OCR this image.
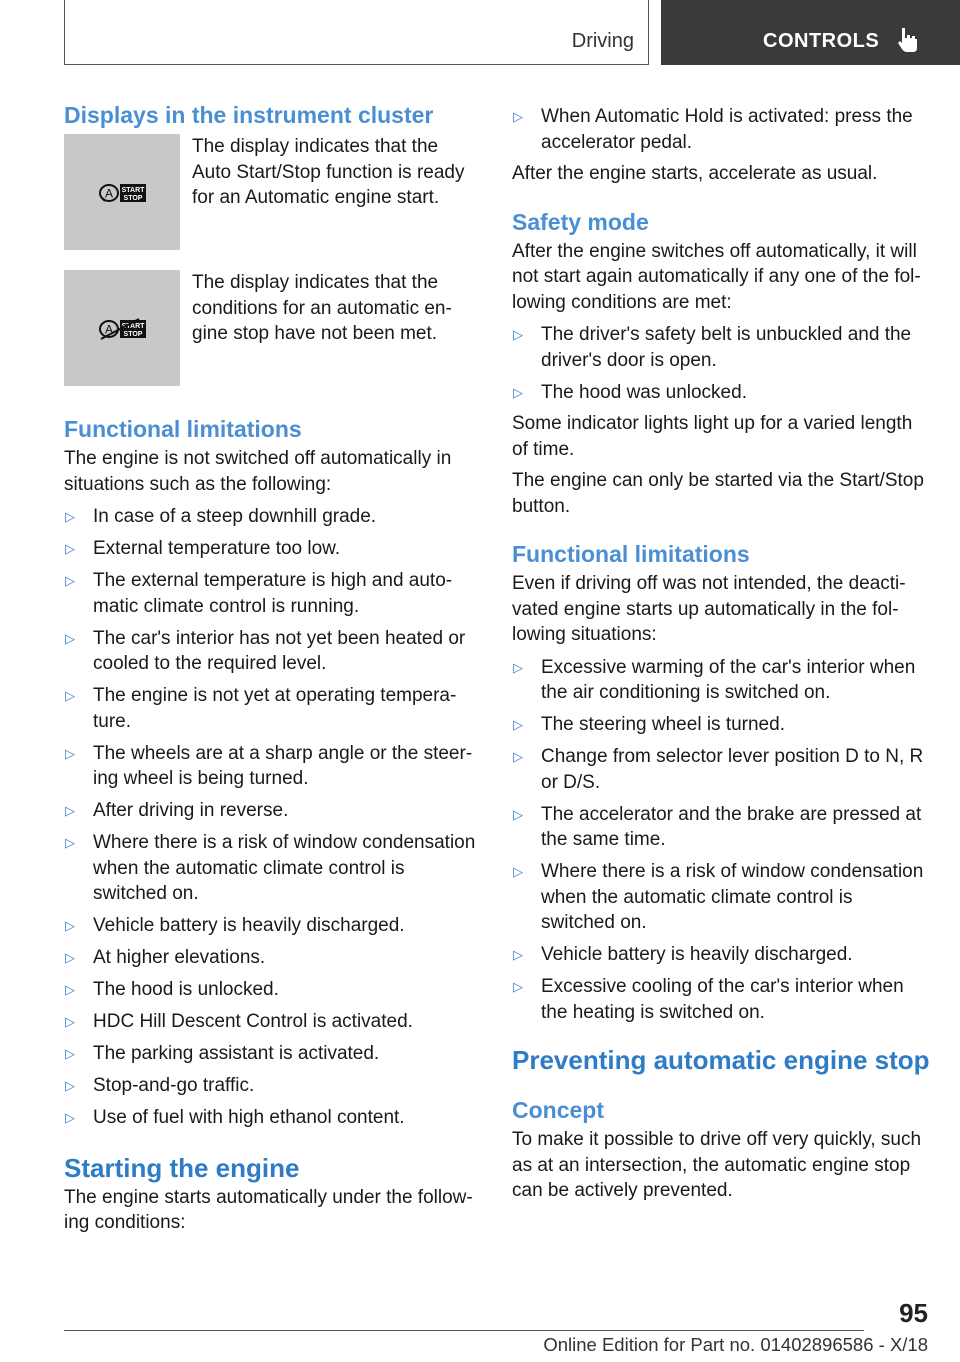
Driving	CONTROLS
Displays in the instrument cluster
A START
STOP
The display indicates that the Auto Start/Stop function is ready for an Automatic engine start.
A START
STOP
The display indicates that the conditions for an automatic engine stop have not been met.
Functional limitations

The engine is not switched off automatically in situations such as the following:

▷ In case of a steep downhill grade.
▷ External temperature too low.
▷ The external temperature is high and automatic climate control is running.
▷ The car's interior has not yet been heated or cooled to the required level.
▷ The engine is not yet at operating temperature.
▷ The wheels are at a sharp angle or the steering wheel is being turned.
▷ After driving in reverse.
▷ Where there is a risk of window condensation when the automatic climate control is switched on.
▷ Vehicle battery is heavily discharged.
▷ At higher elevations.
▷ The hood is unlocked.
▷ HDC Hill Descent Control is activated.
▷ The parking assistant is activated.
▷ Stop-and-go traffic.
▷ Use of fuel with high ethanol content.
Starting the engine

The engine starts automatically under the following conditions:

▷ When Automatic Hold is activated: press the accelerator pedal.

After the engine starts, accelerate as usual.

Safety mode

After the engine switches off automatically, it will not start again automatically if any one of the following conditions are met:

▷ The driver's safety belt is unbuckled and the driver's door is open.
▷ The hood was unlocked.

Some indicator lights light up for a varied length of time.

The engine can only be started via the Start/Stop button.

Functional limitations

Even if driving off was not intended, the deactivated engine starts up automatically in the following situations:

▷ Excessive warming of the car's interior when the air conditioning is switched on.
▷ The steering wheel is turned.
▷ Change from selector lever position D to N, R or D/S.
▷ The accelerator and the brake are pressed at the same time.
▷ Where there is a risk of window condensation when the automatic climate control is switched on.
▷ Vehicle battery is heavily discharged.
▷ Excessive cooling of the car's interior when the heating is switched on.
Preventing automatic engine stop
Concept

To make it possible to drive off very quickly, such as at an intersection, the automatic engine stop can be actively prevented.

95
Online Edition for Part no. 01402896586 - X/18
